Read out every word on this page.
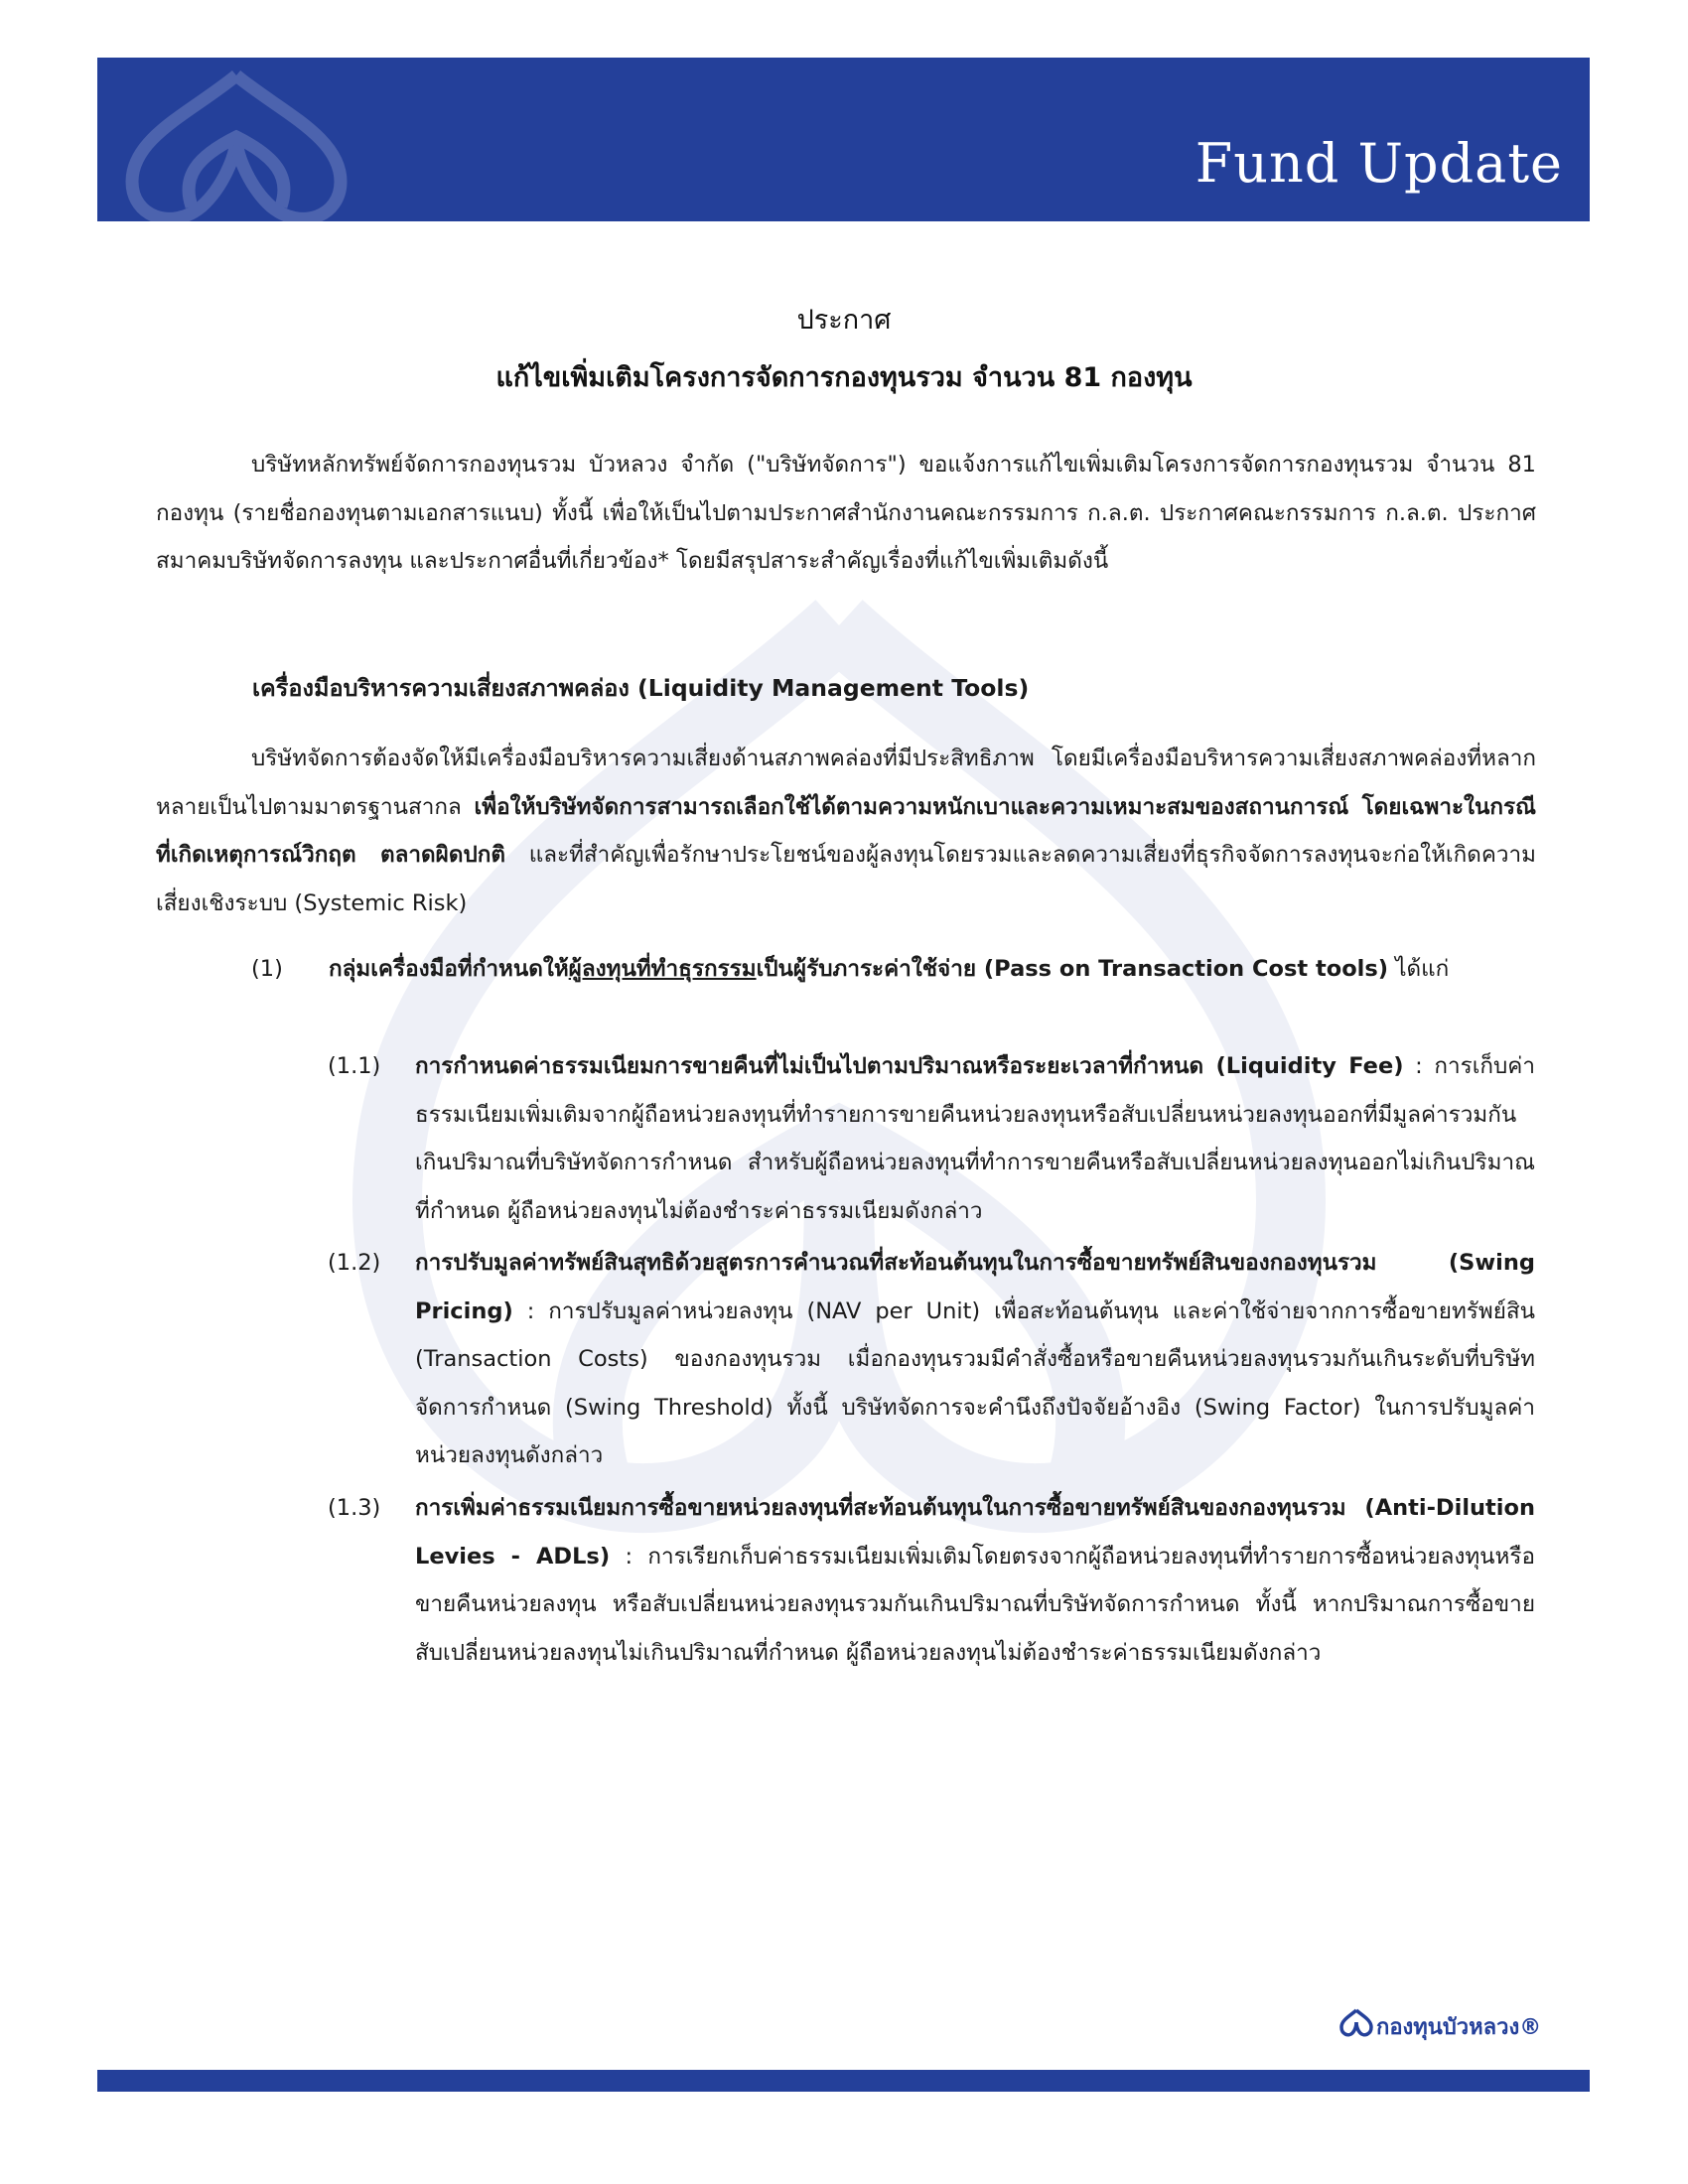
Fund Update
ประกาศ
แก้ไขเพิ่มเติมโครงการจัดการกองทุนรวม จำนวน 81 กองทุน

บริษัทหลักทรัพย์จัดการกองทุนรวม บัวหลวง จำกัด ("บริษัทจัดการ") ขอแจ้งการแก้ไขเพิ่มเติมโครงการจัดการกองทุนรวม จำนวน 81 กองทุน (รายชื่อกองทุนตามเอกสารแนบ) ทั้งนี้ เพื่อให้เป็นไปตามประกาศสำนักงานคณะกรรมการ ก.ล.ต. ประกาศคณะกรรมการ ก.ล.ต. ประกาศสมาคมบริษัทจัดการลงทุน และประกาศอื่นที่เกี่ยวข้อง* โดยมีสรุปสาระสำคัญเรื่องที่แก้ไขเพิ่มเติมดังนี้

เครื่องมือบริหารความเสี่ยงสภาพคล่อง (Liquidity Management Tools)

บริษัทจัดการต้องจัดให้มีเครื่องมือบริหารความเสี่ยงด้านสภาพคล่องที่มีประสิทธิภาพ โดยมีเครื่องมือบริหารความเสี่ยงสภาพคล่องที่หลากหลายเป็นไปตามมาตรฐานสากล เพื่อให้บริษัทจัดการสามารถเลือกใช้ได้ตามความหนักเบาและความเหมาะสมของสถานการณ์ โดยเฉพาะในกรณีที่เกิดเหตุการณ์วิกฤต ตลาดผิดปกติ และที่สำคัญเพื่อรักษาประโยชน์ของผู้ลงทุนโดยรวมและลดความเสี่ยงที่ธุรกิจจัดการลงทุนจะก่อให้เกิดความเสี่ยงเชิงระบบ (Systemic Risk)

(1) กลุ่มเครื่องมือที่กำหนดให้ผู้ลงทุนที่ทำธุรกรรมเป็นผู้รับภาระค่าใช้จ่าย (Pass on Transaction Cost tools) ได้แก่

(1.1) การกำหนดค่าธรรมเนียมการขายคืนที่ไม่เป็นไปตามปริมาณหรือระยะเวลาที่กำหนด (Liquidity Fee) : การเก็บค่าธรรมเนียมเพิ่มเติมจากผู้ถือหน่วยลงทุนที่ทำรายการขายคืนหน่วยลงทุนหรือสับเปลี่ยนหน่วยลงทุนออกที่มีมูลค่ารวมกันเกินปริมาณที่บริษัทจัดการกำหนด สำหรับผู้ถือหน่วยลงทุนที่ทำการขายคืนหรือสับเปลี่ยนหน่วยลงทุนออกไม่เกินปริมาณที่กำหนด ผู้ถือหน่วยลงทุนไม่ต้องชำระค่าธรรมเนียมดังกล่าว

(1.2) การปรับมูลค่าทรัพย์สินสุทธิด้วยสูตรการคำนวณที่สะท้อนต้นทุนในการซื้อขายทรัพย์สินของกองทุนรวม (Swing Pricing) : การปรับมูลค่าหน่วยลงทุน (NAV per Unit) เพื่อสะท้อนต้นทุน และค่าใช้จ่ายจากการซื้อขายทรัพย์สิน (Transaction Costs) ของกองทุนรวม เมื่อกองทุนรวมมีคำสั่งซื้อหรือขายคืนหน่วยลงทุนรวมกันเกินระดับที่บริษัทจัดการกำหนด (Swing Threshold) ทั้งนี้ บริษัทจัดการจะคำนึงถึงปัจจัยอ้างอิง (Swing Factor) ในการปรับมูลค่าหน่วยลงทุนดังกล่าว

(1.3) การเพิ่มค่าธรรมเนียมการซื้อขายหน่วยลงทุนที่สะท้อนต้นทุนในการซื้อขายทรัพย์สินของกองทุนรวม (Anti-Dilution Levies - ADLs) : การเรียกเก็บค่าธรรมเนียมเพิ่มเติมโดยตรงจากผู้ถือหน่วยลงทุนที่ทำรายการซื้อหน่วยลงทุนหรือขายคืนหน่วยลงทุน หรือสับเปลี่ยนหน่วยลงทุนรวมกันเกินปริมาณที่บริษัทจัดการกำหนด ทั้งนี้ หากปริมาณการซื้อขาย สับเปลี่ยนหน่วยลงทุนไม่เกินปริมาณที่กำหนด ผู้ถือหน่วยลงทุนไม่ต้องชำระค่าธรรมเนียมดังกล่าว

กองทุนบัวหลวง®
